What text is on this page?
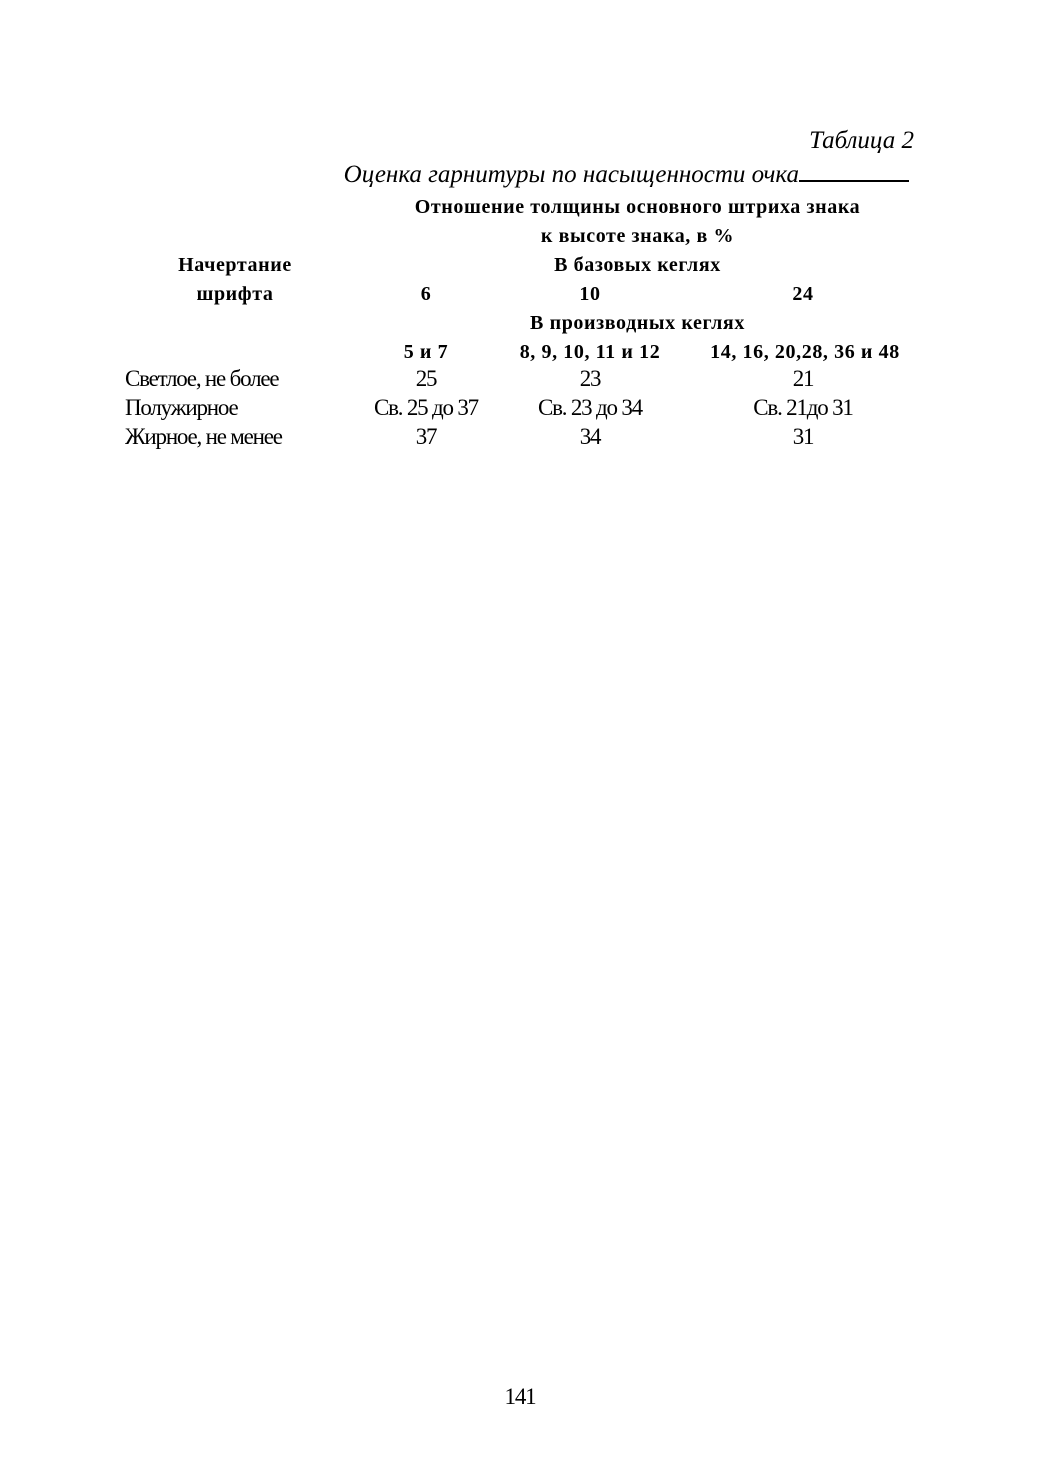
Таблица 2
Оценка гарнитуры по насыщенности очка
Отношение толщины основного штриха знака
к высоте знака, в %
Начертание
шрифта
В базовых кеглях
6	10	24
В производных кеглях
5 и 7	8, 9, 10, 11 и 12	14, 16, 20,28, 36 и 48
Светлое, не более	25	23	21
Полужирное	Св. 25 до 37	Св. 23 до 34	Св. 21до 31
Жирное, не менее	37	34	31
141
